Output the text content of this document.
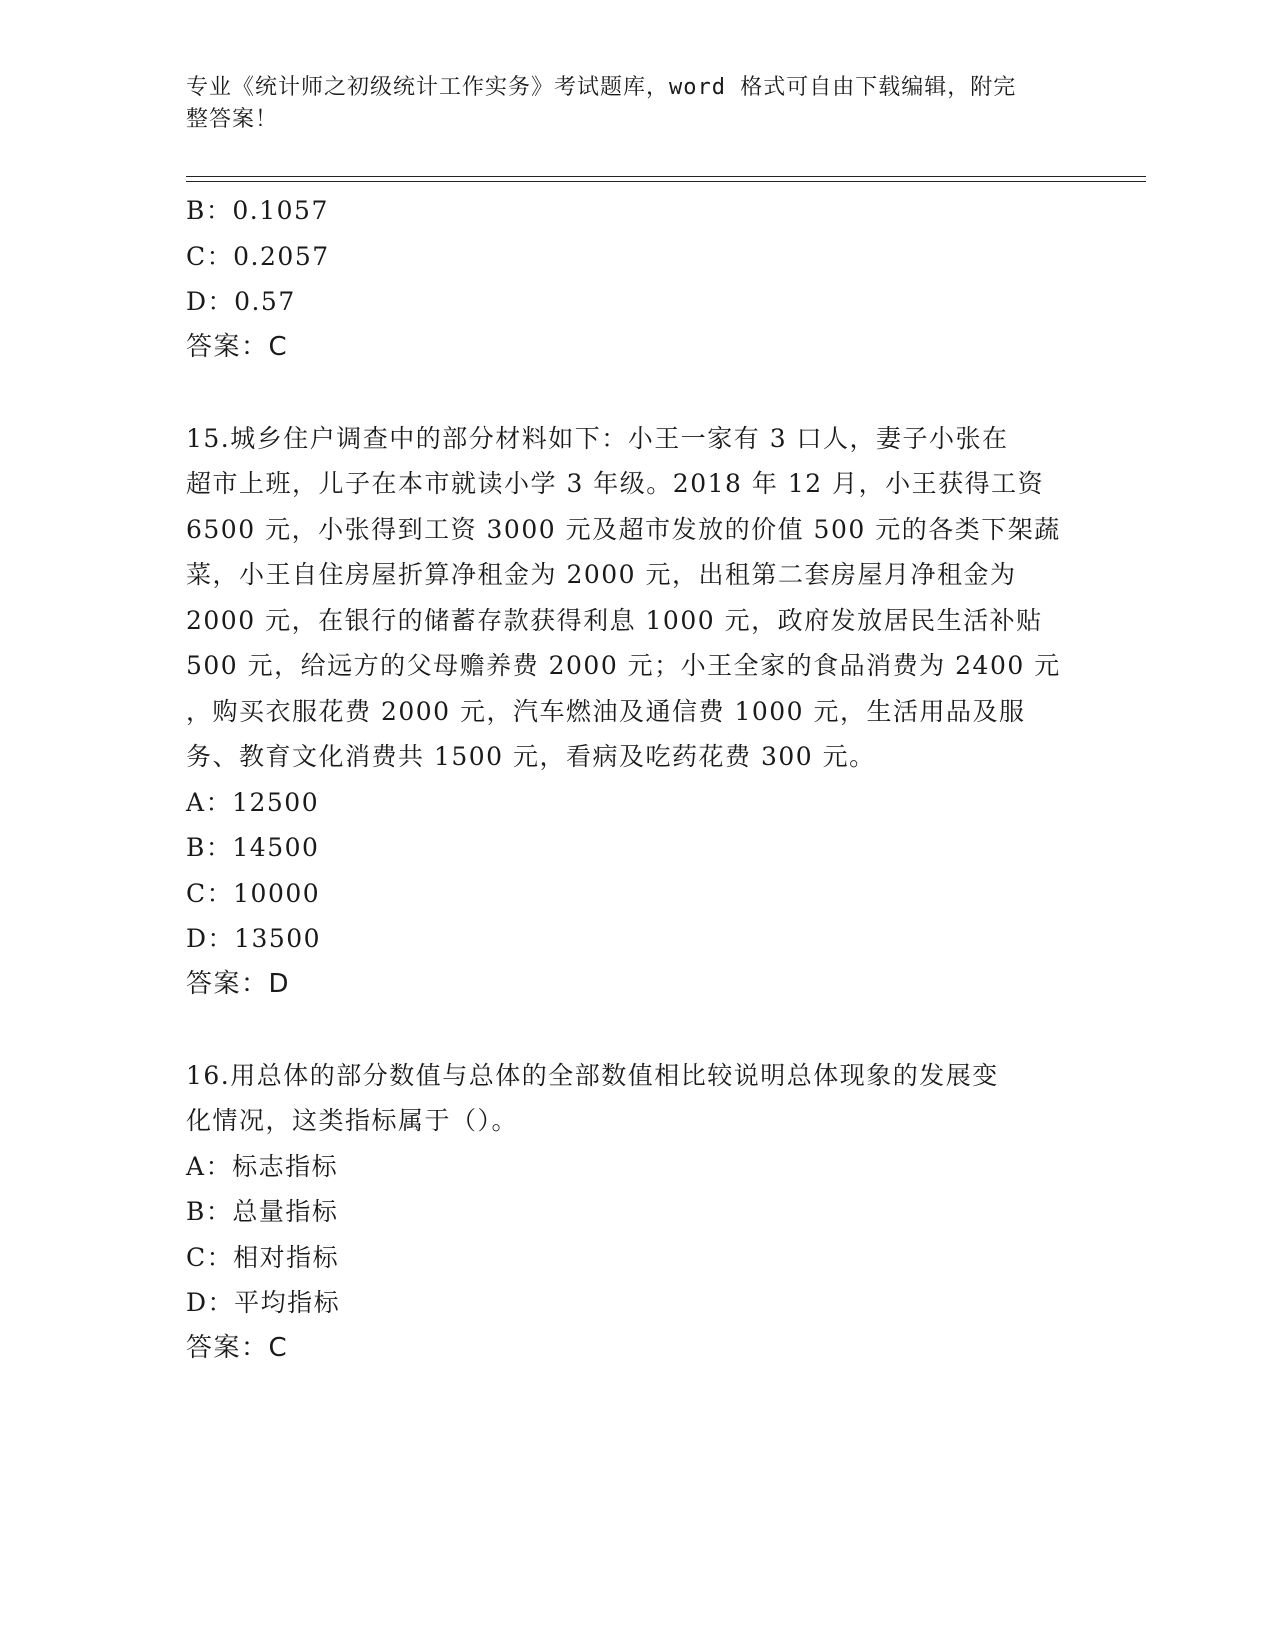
专业《统计师之初级统计工作实务》考试题库，word 格式可自由下载编辑，附完
整答案！
B：0.1057
C：0.2057
D：0.57
答案：C
15.城乡住户调查中的部分材料如下：小王一家有 3 口人，妻子小张在
超市上班，儿子在本市就读小学 3 年级。2018 年 12 月，小王获得工资
6500 元，小张得到工资 3000 元及超市发放的价值 500 元的各类下架蔬
菜，小王自住房屋折算净租金为 2000 元，出租第二套房屋月净租金为
2000 元，在银行的储蓄存款获得利息 1000 元，政府发放居民生活补贴
500 元，给远方的父母赡养费 2000 元；小王全家的食品消费为 2400 元
，购买衣服花费 2000 元，汽车燃油及通信费 1000 元，生活用品及服
务、教育文化消费共 1500 元，看病及吃药花费 300 元。
A：12500
B：14500
C：10000
D：13500
答案：D
16.用总体的部分数值与总体的全部数值相比较说明总体现象的发展变
化情况，这类指标属于（）。
A：标志指标
B：总量指标
C：相对指标
D：平均指标
答案：C
